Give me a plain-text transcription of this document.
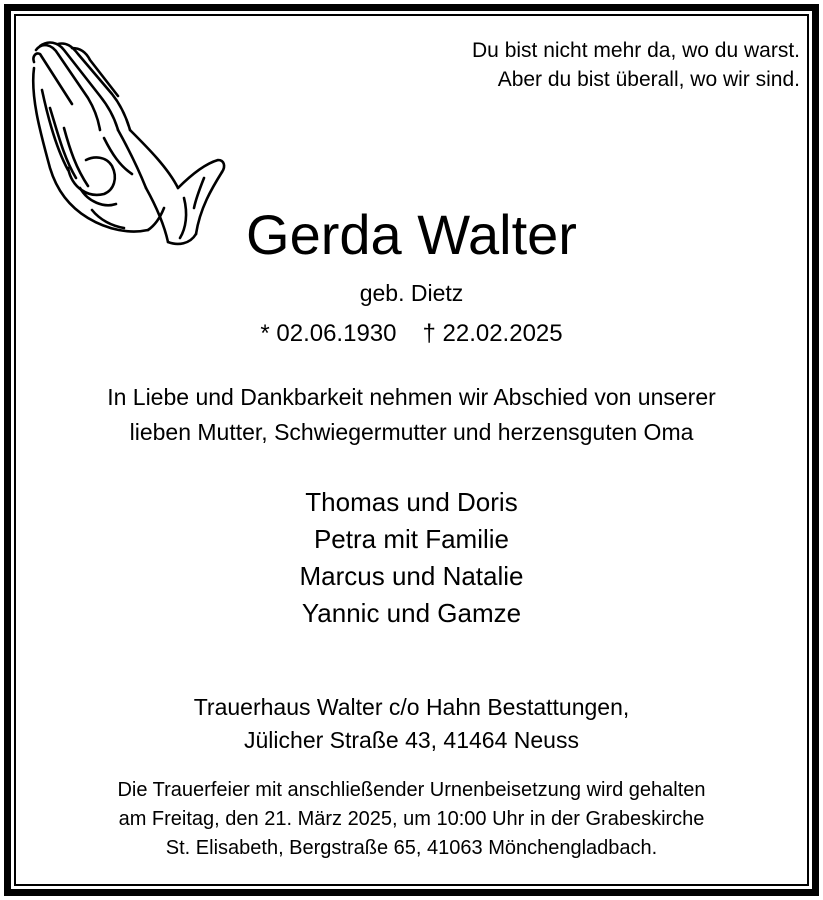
Du bist nicht mehr da, wo du warst.
Aber du bist überall, wo wir sind.
Gerda Walter
geb. Dietz
* 02.06.1930 † 22.02.2025
In Liebe und Dankbarkeit nehmen wir Abschied von unserer
lieben Mutter, Schwiegermutter und herzensguten Oma
Thomas und Doris
Petra mit Familie
Marcus und Natalie
Yannic und Gamze
Trauerhaus Walter c/o Hahn Bestattungen,
Jülicher Straße 43, 41464 Neuss
Die Trauerfeier mit anschließender Urnenbeisetzung wird gehalten
am Freitag, den 21. März 2025, um 10:00 Uhr in der Grabeskirche
St. Elisabeth, Bergstraße 65, 41063 Mönchengladbach.
